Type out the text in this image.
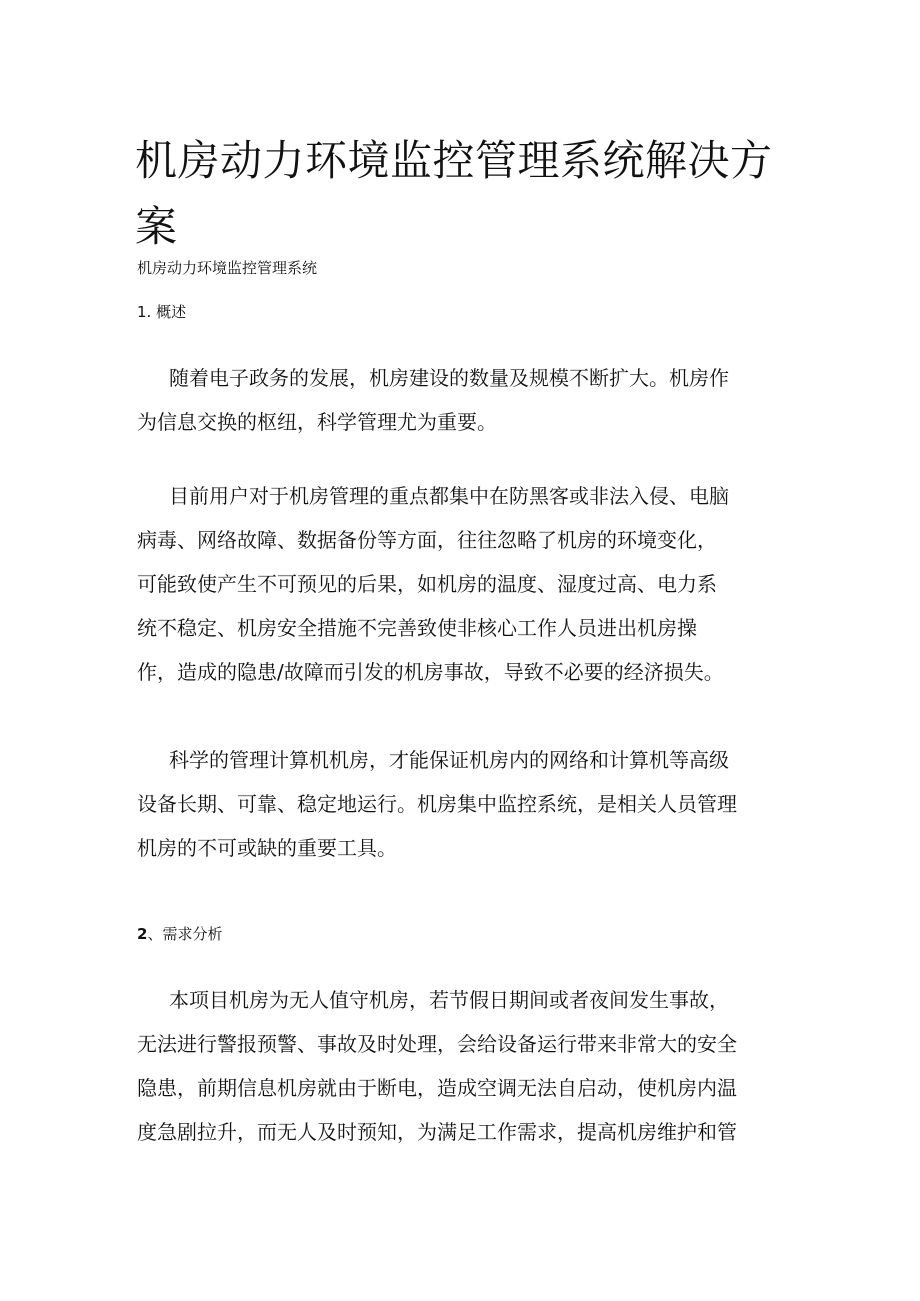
机房动力环境监控管理系统解决方案
机房动力环境监控管理系统
1. 概述
随着电子政务的发展，机房建设的数量及规模不断扩大。机房作
为信息交换的枢纽，科学管理尤为重要。
目前用户对于机房管理的重点都集中在防黑客或非法入侵、电脑
病毒、网络故障、数据备份等方面，往往忽略了机房的环境变化，
可能致使产生不可预见的后果，如机房的温度、湿度过高、电力系
统不稳定、机房安全措施不完善致使非核心工作人员进出机房操
作，造成的隐患/故障而引发的机房事故，导致不必要的经济损失。
科学的管理计算机机房，才能保证机房内的网络和计算机等高级
设备长期、可靠、稳定地运行。机房集中监控系统，是相关人员管理
机房的不可或缺的重要工具。
2、需求分析
本项目机房为无人值守机房，若节假日期间或者夜间发生事故，
无法进行警报预警、事故及时处理，会给设备运行带来非常大的安全
隐患，前期信息机房就由于断电，造成空调无法自启动，使机房内温
度急剧拉升，而无人及时预知，为满足工作需求，提高机房维护和管
